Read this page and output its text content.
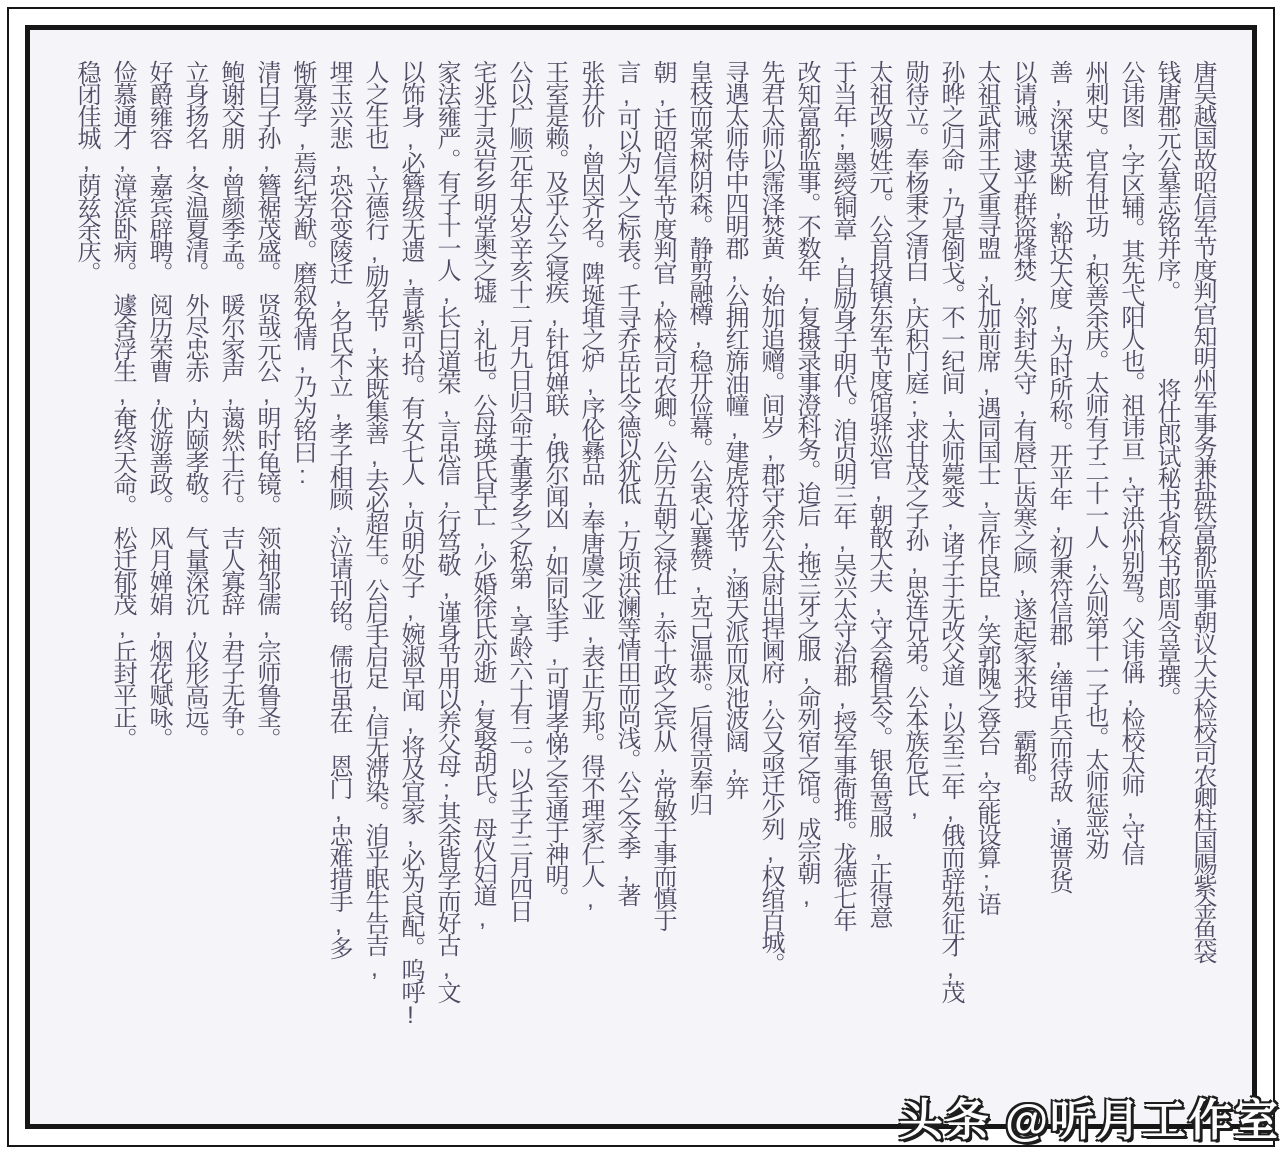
唐吴越国故昭信军节度判官知明州军事务兼盐铁富都监事朝议大夫检校司农卿柱国赐紫金鱼袋
钱唐郡元公墓志铭并序。　　　　将仕郎试秘书省校书郎周含章撰。
公讳图,字区辅。其先弋阳人也。祖讳亘,守洪州别驾。父讳偁,检校太师,守信
州刺史。官有世功,积善余庆。太师有子二十一人,公则第十一子也。太师惩恶劝
善,深谋英断,豁达大度,为时所称。开平年,初秉符信郡,缮甲兵而待敌,通贳货
以请诫。逮乎群盗烽焚,邻封失守,有唇亡齿寒之顾,遂起家来投　霸都。
太祖武肃王又重寻盟,礼加前席,遇同国士,言作良臣,笑郭隗之登台,空能设算;语
孙晔之归命,乃是倒戈。不一纪间,太师薨变,诸子于无改父道,以至三年,俄而辞苑征才,茂
勋待立。奉杨秉之清白,庆积门庭;求甘茂之子孙,思连兄弟。公本族危氏,
太祖改赐姓元。公首投镇东军节度馆驿巡官,朝散大夫,守会稽县令。银鱼茑服,正得意
于当年;墨绶铜章,自励身于明代。洎贞明三年,吴兴太守治郡,授军事衙推。龙德七年
改知富都监事。不数年,复摄录事澄科务。迨后,拖兰牙之服,命列宿之馆。成宗朝,
先君太师以霈泽焚黄,始加追赠。间岁,郡守余公太尉出捍阃府,公又亟迁少列,权绾百城。
寻遇太师侍中四明郡,公拥红旆油幢,建虎符龙节,涵天派而凤池波阔,笄
皇枝而棠树阴森。静剪融樽,稳开俭幕。公衷心襄赞,克己温恭。后得贡奉归
朝,迁昭信军节度判官,检校司农卿。公历五朝之禄仕,忝十政之宾从,常敏于事而慎于
言,可以为人之标表。千寻乔岳比令德以犹低,万顷洪澜等情田而尚浅。公之令季,著
张并价,曾因齐名。陴埏埴之炉,序伦彝品,奉唐虞之业,表正万邦。得不理家仁人,
王室是赖。及乎公之寝疾,针饵婵联,俄尔闻凶,如同坠手,可谓孝悌之至通于神明。
公以广顺元年太岁辛亥十二月九日归命于董孝乡之私第,享龄六十有二。以壬子三月四日
宅兆于灵岩乡明堂奥之墟,礼也。公母瑛氏早亡,少婚徐氏亦逝,复娶胡氏。母仪妇道,
家法雍严。有子十一人,长曰道荣,言忠信,行笃敬,谨身节用以养父母;其余皆学而好古,文
以饰身,必簪绂无遗,青紫可拾。有女七人,贞明处子,婉淑早闻,将及宜家,必为良配。呜呼!
人之生也,立德行,励名节,来既集善,去必超生。公启手启足,信无滞染。洎乎眠牛告吉,
埋玉兴悲,恐谷变陵迁,名氏不立,孝子相顾,泣请刊铭。儒也虽在　恩门,忠难措手,多
惭寡学,焉纪芳猷。磨叙免情,乃为铭曰:
清白子孙,簪裾茂盛。　贤哉元公,明时龟镜。　领袖邹儒,宗师鲁圣。
鲍谢交朋,曾颜季孟。　暖尔家声,蔼然士行。　吉人寡辞,君子无争。
立身扬名,冬温夏清。　外尽忠赤,内颐孝敬。　气量深沉,仪形高远。
好爵雍容,嘉宾辟聘。　阅历荣曹,优游善政。　风月婵娟,烟花赋咏。
俭慕通才,漳滨卧病。　遽舍浮生,奄终天命。　松迁郁茂,丘封平正。
稳闭佳城,荫兹余庆。
头条 @听月工作室
